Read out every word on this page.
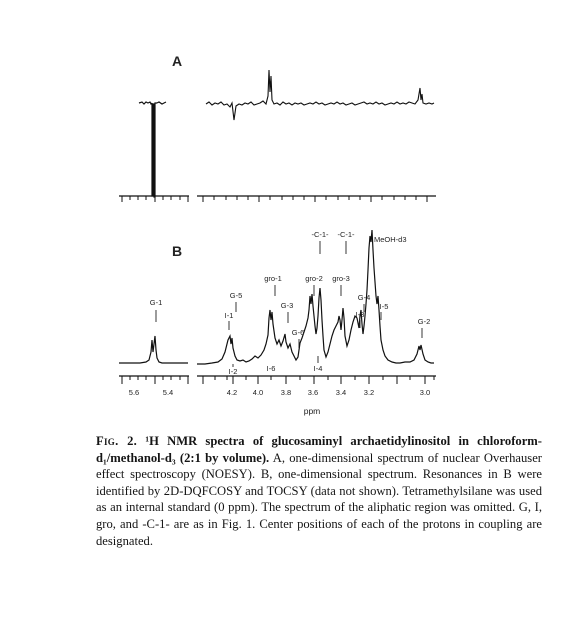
A
B
5.6	5.4	4.2 4.0 3.8 3.6 3.4 3.2	3.0
ppm
G-1
G-5
I-1
I-2
gro-1
I-6
G-3
G-6
-C-1-
gro-2
I-4
-C-1-
gro-3
G-4
I-3
MeOH-d3
I-5
G-2
Fig. 2. ¹H NMR spectra of glucosaminyl archaetidylinositol in chloroform-d₁/methanol-d₃ (2:1 by volume). A, one-dimensional spectrum of nuclear Overhauser effect spectroscopy (NOESY). B, one-dimensional spectrum. Resonances in B were identified by 2D-DQFCOSY and TOCSY (data not shown). Tetramethylsilane was used as an internal standard (0 ppm). The spectrum of the aliphatic region was omitted. G, I, gro, and -C-1- are as in Fig. 1. Center positions of each of the protons in coupling are designated.
